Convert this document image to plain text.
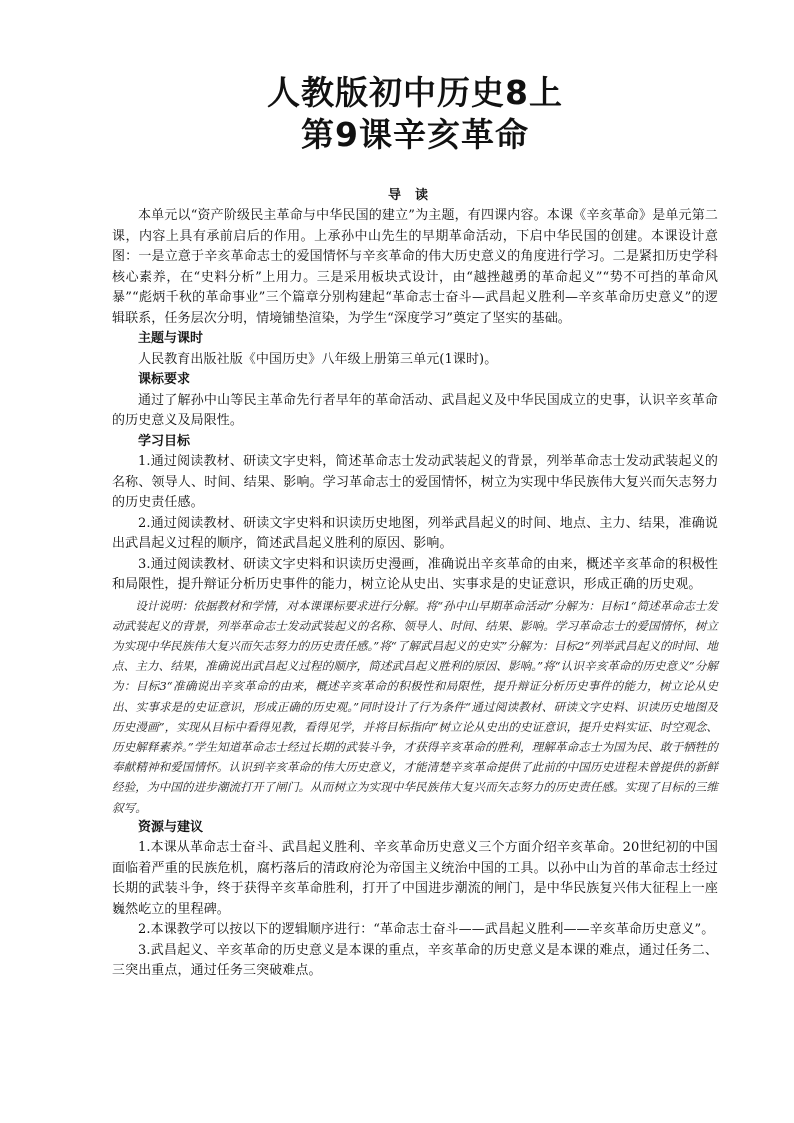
人教版初中历史8上
第9课辛亥革命
导读

本单元以“资产阶级民主革命与中华民国的建立”为主题，有四课内容。本课《辛亥革命》是单元第二课，内容上具有承前启后的作用。上承孙中山先生的早期革命活动，下启中华民国的创建。本课设计意图：一是立意于辛亥革命志士的爱国情怀与辛亥革命的伟大历史意义的角度进行学习。二是紧扣历史学科核心素养，在“史料分析”上用力。三是采用板块式设计，由“越挫越勇的革命起义”“势不可挡的革命风暴”“彪炳千秋的革命事业”三个篇章分别构建起“革命志士奋斗—武昌起义胜利—辛亥革命历史意义”的逻辑联系，任务层次分明，情境铺垫渲染，为学生“深度学习”奠定了坚实的基础。

主题与课时

人民教育出版社版《中国历史》八年级上册第三单元(1课时)。

课标要求

通过了解孙中山等民主革命先行者早年的革命活动、武昌起义及中华民国成立的史事，认识辛亥革命的历史意义及局限性。

学习目标

1.通过阅读教材、研读文字史料，简述革命志士发动武装起义的背景，列举革命志士发动武装起义的名称、领导人、时间、结果、影响。学习革命志士的爱国情怀，树立为实现中华民族伟大复兴而矢志努力的历史责任感。

2.通过阅读教材、研读文字史料和识读历史地图，列举武昌起义的时间、地点、主力、结果，准确说出武昌起义过程的顺序，简述武昌起义胜利的原因、影响。

3.通过阅读教材、研读文字史料和识读历史漫画，准确说出辛亥革命的由来，概述辛亥革命的积极性和局限性，提升辩证分析历史事件的能力，树立论从史出、实事求是的史证意识，形成正确的历史观。

设计说明：依据教材和学情，对本课课标要求进行分解。将“孙中山早期革命活动”分解为：目标1“简述革命志士发动武装起义的背景，列举革命志士发动武装起义的名称、领导人、时间、结果、影响。学习革命志士的爱国情怀，树立为实现中华民族伟大复兴而矢志努力的历史责任感。”将“了解武昌起义的史实”分解为：目标2“列举武昌起义的时间、地点、主力、结果，准确说出武昌起义过程的顺序，简述武昌起义胜利的原因、影响。”将“认识辛亥革命的历史意义”分解为：目标3“准确说出辛亥革命的由来，概述辛亥革命的积极性和局限性，提升辩证分析历史事件的能力，树立论从史出、实事求是的史证意识，形成正确的历史观。”同时设计了行为条件“通过阅读教材、研读文字史料、识读历史地图及历史漫画”，实现从目标中看得见教，看得见学，并将目标指向“树立论从史出的史证意识，提升史料实证、时空观念、历史解释素养。”学生知道革命志士经过长期的武装斗争，才获得辛亥革命的胜利，理解革命志士为国为民、敢于牺牲的奉献精神和爱国情怀。认识到辛亥革命的伟大历史意义，才能清楚辛亥革命提供了此前的中国历史进程未曾提供的新鲜经验，为中国的进步潮流打开了闸门。从而树立为实现中华民族伟大复兴而矢志努力的历史责任感。实现了目标的三维叙写。

资源与建议

1.本课从革命志士奋斗、武昌起义胜利、辛亥革命历史意义三个方面介绍辛亥革命。20世纪初的中国面临着严重的民族危机，腐朽落后的清政府沦为帝国主义统治中国的工具。以孙中山为首的革命志士经过长期的武装斗争，终于获得辛亥革命胜利，打开了中国进步潮流的闸门，是中华民族复兴伟大征程上一座巍然屹立的里程碑。

2.本课教学可以按以下的逻辑顺序进行：“革命志士奋斗——武昌起义胜利——辛亥革命历史意义”。

3.武昌起义、辛亥革命的历史意义是本课的重点，辛亥革命的历史意义是本课的难点，通过任务二、三突出重点，通过任务三突破难点。
